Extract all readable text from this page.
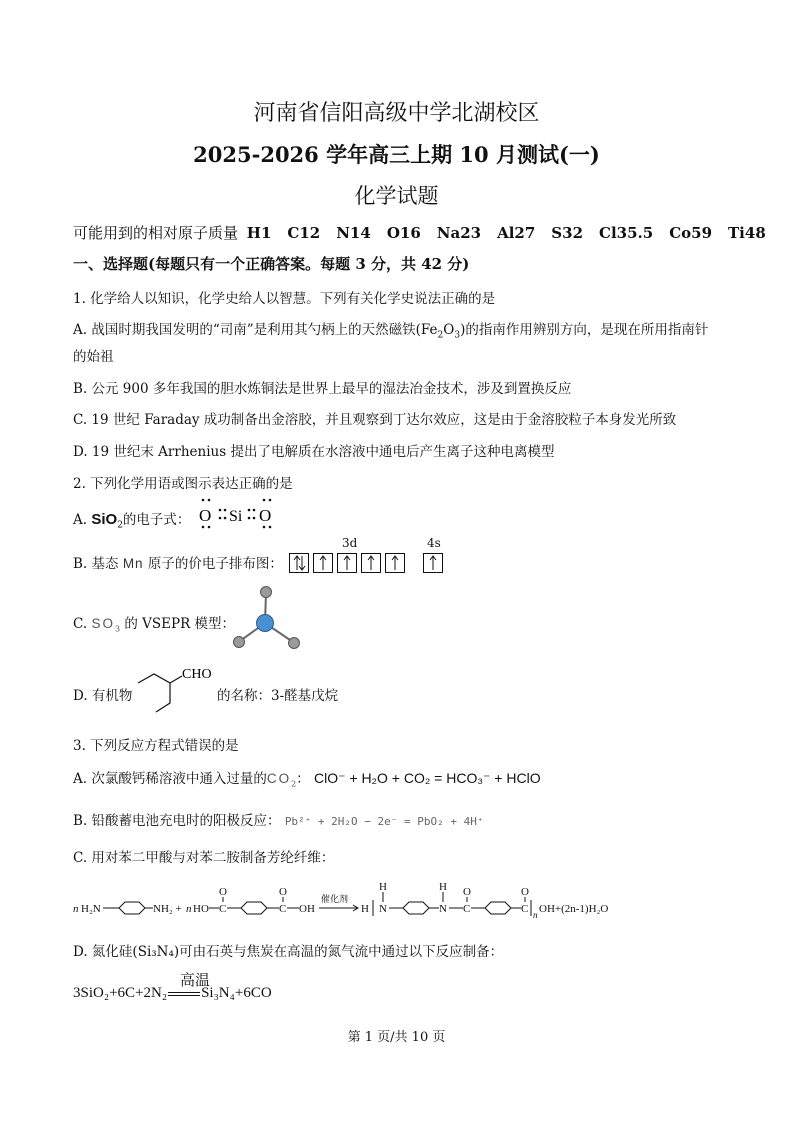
河南省信阳高级中学北湖校区
2025-2026 学年高三上期 10 月测试(一)
化学试题
可能用到的相对原子质量 H1 C12 N14 O16 Na23 Al27 S32 Cl35.5 Co59 Ti48
一、选择题(每题只有一个正确答案。每题 3 分，共 42 分)
1. 化学给人以知识，化学史给人以智慧。下列有关化学史说法正确的是
A. 战国时期我国发明的“司南”是利用其勺柄上的天然磁铁$(Fe_2O_3)$的指南作用辨别方向，是现在所用指南针
的始祖
B. 公元 900 多年我国的胆水炼铜法是世界上最早的湿法冶金技术，涉及到置换反应
C. 19 世纪 Faraday 成功制备出金溶胶，并且观察到丁达尔效应，这是由于金溶胶粒子本身发光所致
D. 19 世纪末 Arrhenius 提出了电解质在水溶液中通电后产生离子这种电离模型
2. 下列化学用语或图示表达正确的是
A. SiO$_2$的电子式： O Si O
B. 基态 Mn 原子的价电子排布图：
3d	4s
C. $SO_3$ 的 VSEPR 模型：
D. 有机物
CHO
的名称：3-醛基戊烷
3. 下列反应方程式错误的是
A. 次氯酸钙稀溶液中通入过量的$CO_2$： ClO⁻ + H₂O + CO₂ = HCO₃⁻ + HClO
B. 铅酸蓄电池充电时的阳极反应： Pb²⁺ + 2H₂O − 2e⁻ = PbO₂ + 4H⁺
C. 用对苯二甲酸与对苯二胺制备芳纶纤维：
n H₂N	NH₂ + n HO C
O
C
O
OH
催化剂
H N
H
N
H
C
O
C
O
n OH+(2n-1)H₂O
D. 氮化硅(Si₃N₄)可由石英与焦炭在高温的氮气流中通过以下反应制备：
高温
3SiO₂+6C+2N₂ Si₃N₄+6CO
第 1 页/共 10 页
